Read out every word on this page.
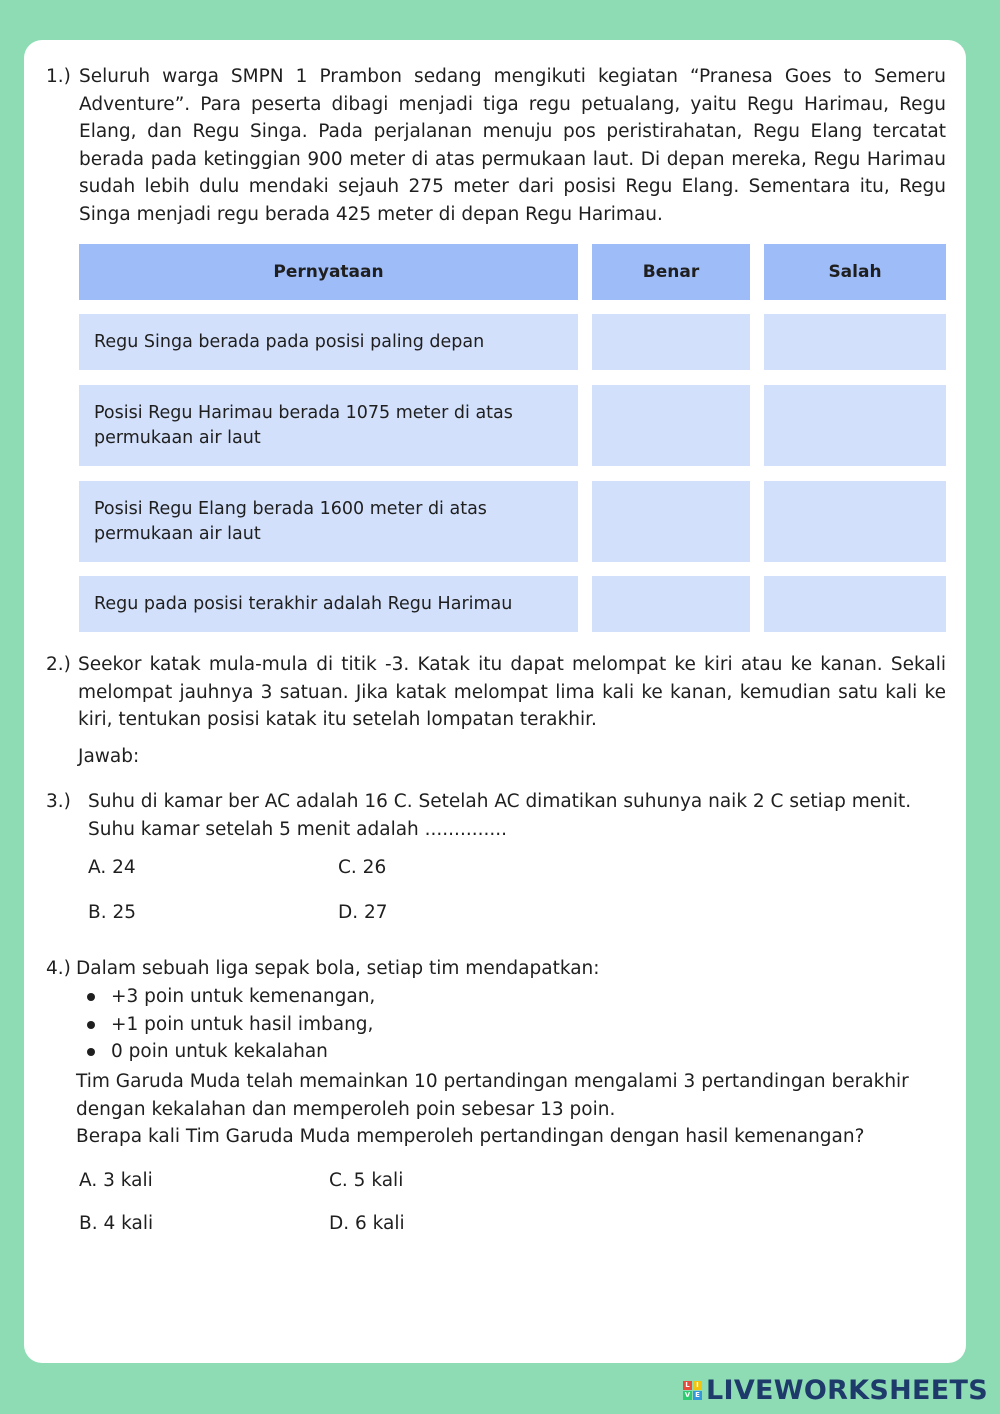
1.) Seluruh warga SMPN 1 Prambon sedang mengikuti kegiatan “Pranesa Goes to Semeru Adventure”. Para peserta dibagi menjadi tiga regu petualang, yaitu Regu Harimau, Regu Elang, dan Regu Singa. Pada perjalanan menuju pos peristirahatan, Regu Elang tercatat berada pada ketinggian 900 meter di atas permukaan laut. Di depan mereka, Regu Harimau sudah lebih dulu mendaki sejauh 275 meter dari posisi Regu Elang. Sementara itu, Regu Singa menjadi regu berada 425 meter di depan Regu Harimau.
Pernyataan	Benar	Salah
Regu Singa berada pada posisi paling depan
Posisi Regu Harimau berada 1075 meter di atas permukaan air laut
Posisi Regu Elang berada 1600 meter di atas permukaan air laut
Regu pada posisi terakhir adalah Regu Harimau
2.) Seekor katak mula-mula di titik -3. Katak itu dapat melompat ke kiri atau ke kanan. Sekali melompat jauhnya 3 satuan. Jika katak melompat lima kali ke kanan, kemudian satu kali ke kiri, tentukan posisi katak itu setelah lompatan terakhir.
Jawab:
3.) Suhu di kamar ber AC adalah 16 C. Setelah AC dimatikan suhunya naik 2 C setiap menit. Suhu kamar setelah 5 menit adalah ..............
A. 24	C. 26
B. 25	D. 27
4.) Dalam sebuah liga sepak bola, setiap tim mendapatkan:
+3 poin untuk kemenangan,
+1 poin untuk hasil imbang,
0 poin untuk kekalahan
Tim Garuda Muda telah memainkan 10 pertandingan mengalami 3 pertandingan berakhir dengan kekalahan dan memperoleh poin sebesar 13 poin.
Berapa kali Tim Garuda Muda memperoleh pertandingan dengan hasil kemenangan?
A. 3 kali	C. 5 kali
B. 4 kali	D. 6 kali
L I
V E LIVEWORKSHEETS
